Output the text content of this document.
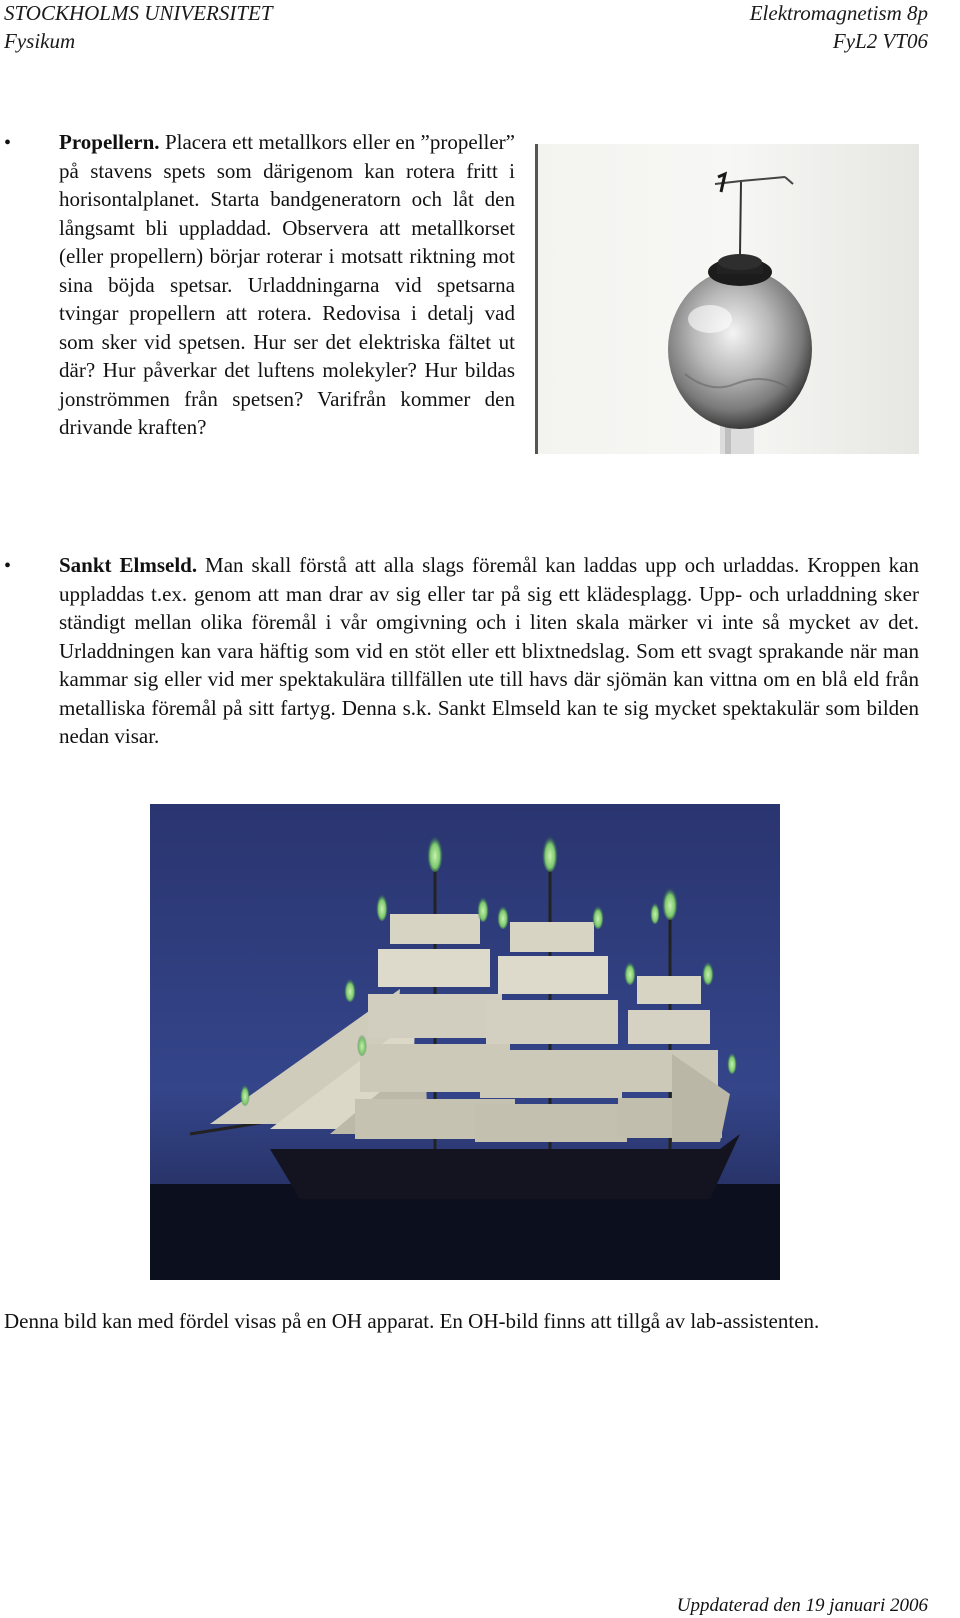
STOCKHOLMS UNIVERSITET
Fysikum
Elektromagnetism 8p
FyL2 VT06
• Propellern. Placera ett metallkors eller en ”propeller” på stavens spets som därigenom kan rotera fritt i horisontalplanet. Starta bandgeneratorn och låt den långsamt bli uppladdad. Observera att metallkorset (eller propellern) börjar roterar i motsatt riktning mot sina böjda spetsar. Urladdningarna vid spetsarna tvingar propellern att rotera. Redovisa i detalj vad som sker vid spetsen. Hur ser det elektriska fältet ut där? Hur påverkar det luftens molekyler? Hur bildas jonströmmen från spetsen? Varifrån kommer den drivande kraften?

• Sankt Elmseld. Man skall förstå att alla slags föremål kan laddas upp och urladdas. Kroppen kan uppladdas t.ex. genom att man drar av sig eller tar på sig ett klädesplagg. Upp- och urladdning sker ständigt mellan olika föremål i vår omgivning och i liten skala märker vi inte så mycket av det. Urladdningen kan vara häftig som vid en stöt eller ett blixtnedslag. Som ett svagt sprakande när man kammar sig eller vid mer spektakulära tillfällen ute till havs där sjömän kan vittna om en blå eld från metalliska föremål på sitt fartyg. Denna s.k. Sankt Elmseld kan te sig mycket spektakulär som bilden nedan visar.

Denna bild kan med fördel visas på en OH apparat. En OH-bild finns att tillgå av lab-assistenten.

Uppdaterad den 19 januari 2006
